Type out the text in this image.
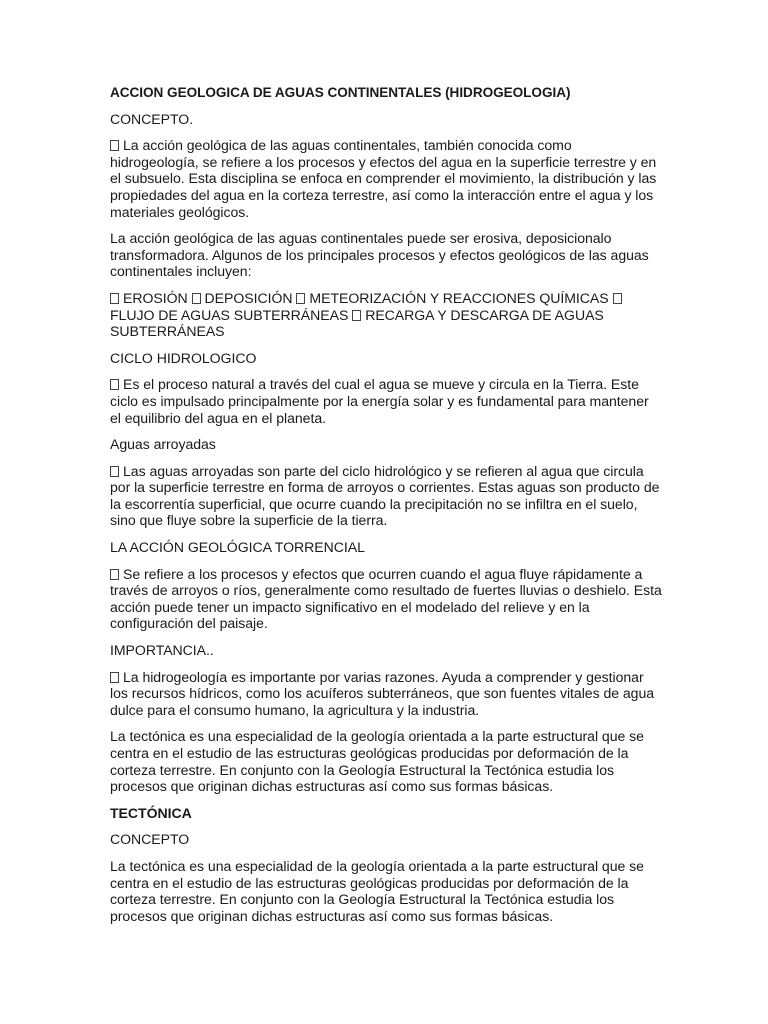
ACCION GEOLOGICA DE AGUAS CONTINENTALES (HIDROGEOLOGIA)
CONCEPTO.
La acción geológica de las aguas continentales, también conocida como hidrogeología, se refiere a los procesos y efectos del agua en la superficie terrestre y en el subsuelo. Esta disciplina se enfoca en comprender el movimiento, la distribución y las propiedades del agua en la corteza terrestre, así como la interacción entre el agua y los materiales geológicos.
La acción geológica de las aguas continentales puede ser erosiva, deposicionalo transformadora. Algunos de los principales procesos y efectos geológicos de las aguas continentales incluyen:
EROSIÓN DEPOSICIÓN METEORIZACIÓN Y REACCIONES QUÍMICAS FLUJO DE AGUAS SUBTERRÁNEAS RECARGA Y DESCARGA DE AGUAS SUBTERRÁNEAS
CICLO HIDROLOGICO
Es el proceso natural a través del cual el agua se mueve y circula en la Tierra. Este ciclo es impulsado principalmente por la energía solar y es fundamental para mantener el equilibrio del agua en el planeta.
Aguas arroyadas
Las aguas arroyadas son parte del ciclo hidrológico y se refieren al agua que circula por la superficie terrestre en forma de arroyos o corrientes. Estas aguas son producto de la escorrentía superficial, que ocurre cuando la precipitación no se infiltra en el suelo, sino que fluye sobre la superficie de la tierra.
LA ACCIÓN GEOLÓGICA TORRENCIAL
Se refiere a los procesos y efectos que ocurren cuando el agua fluye rápidamente a través de arroyos o ríos, generalmente como resultado de fuertes lluvias o deshielo. Esta acción puede tener un impacto significativo en el modelado del relieve y en la configuración del paisaje.
IMPORTANCIA..
La hidrogeología es importante por varias razones. Ayuda a comprender y gestionar los recursos hídricos, como los acuíferos subterráneos, que son fuentes vitales de agua dulce para el consumo humano, la agricultura y la industria.
La tectónica es una especialidad de la geología orientada a la parte estructural que se centra en el estudio de las estructuras geológicas producidas por deformación de la corteza terrestre. En conjunto con la Geología Estructural la Tectónica estudia los procesos que originan dichas estructuras así como sus formas básicas.
TECTÓNICA
CONCEPTO
La tectónica es una especialidad de la geología orientada a la parte estructural que se centra en el estudio de las estructuras geológicas producidas por deformación de la corteza terrestre. En conjunto con la Geología Estructural la Tectónica estudia los procesos que originan dichas estructuras así como sus formas básicas.
